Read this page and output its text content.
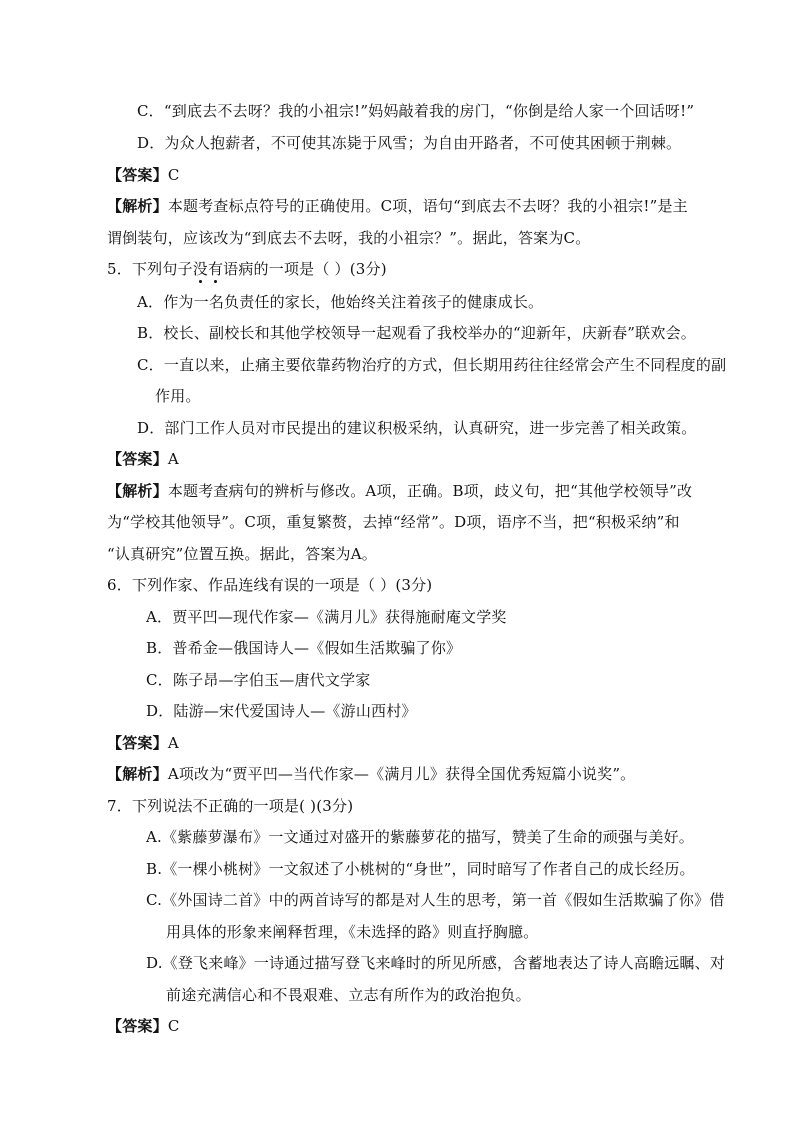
C．“到底去不去呀？我的小祖宗!”妈妈敲着我的房门，“你倒是给人家一个回话呀!”
D．为众人抱薪者，不可使其冻毙于风雪；为自由开路者，不可使其困顿于荆棘。
【答案】C
【解析】本题考查标点符号的正确使用。C项，语句“到底去不去呀？我的小祖宗!”是主
谓倒装句，应该改为“到底去不去呀，我的小祖宗？”。据此，答案为C。
5．下列句子没有语病的一项是（ ）(3分)
A．作为一名负责任的家长，他始终关注着孩子的健康成长。
B．校长、副校长和其他学校领导一起观看了我校举办的“迎新年，庆新春”联欢会。
C．一直以来，止痛主要依靠药物治疗的方式，但长期用药往往经常会产生不同程度的副
作用。
D．部门工作人员对市民提出的建议积极采纳，认真研究，进一步完善了相关政策。
【答案】A
【解析】本题考查病句的辨析与修改。A项，正确。B项，歧义句，把“其他学校领导”改
为“学校其他领导”。C项，重复繁赘，去掉“经常”。D项，语序不当，把“积极采纳”和
“认真研究”位置互换。据此，答案为A。
6．下列作家、作品连线有误的一项是（ ）(3分)
A．贾平凹—现代作家—《满月儿》获得施耐庵文学奖
B．普希金—俄国诗人—《假如生活欺骗了你》
C．陈子昂—字伯玉—唐代文学家
D．陆游—宋代爱国诗人—《游山西村》
【答案】A
【解析】A项改为“贾平凹—当代作家—《满月儿》获得全国优秀短篇小说奖”。
7．下列说法不正确的一项是( )(3分)
A.《紫藤萝瀑布》一文通过对盛开的紫藤萝花的描写，赞美了生命的顽强与美好。
B.《一棵小桃树》一文叙述了小桃树的“身世”，同时暗写了作者自己的成长经历。
C.《外国诗二首》中的两首诗写的都是对人生的思考，第一首《假如生活欺骗了你》借
用具体的形象来阐释哲理，《未选择的路》则直抒胸臆。
D.《登飞来峰》一诗通过描写登飞来峰时的所见所感，含蓄地表达了诗人高瞻远瞩、对
前途充满信心和不畏艰难、立志有所作为的政治抱负。
【答案】C
